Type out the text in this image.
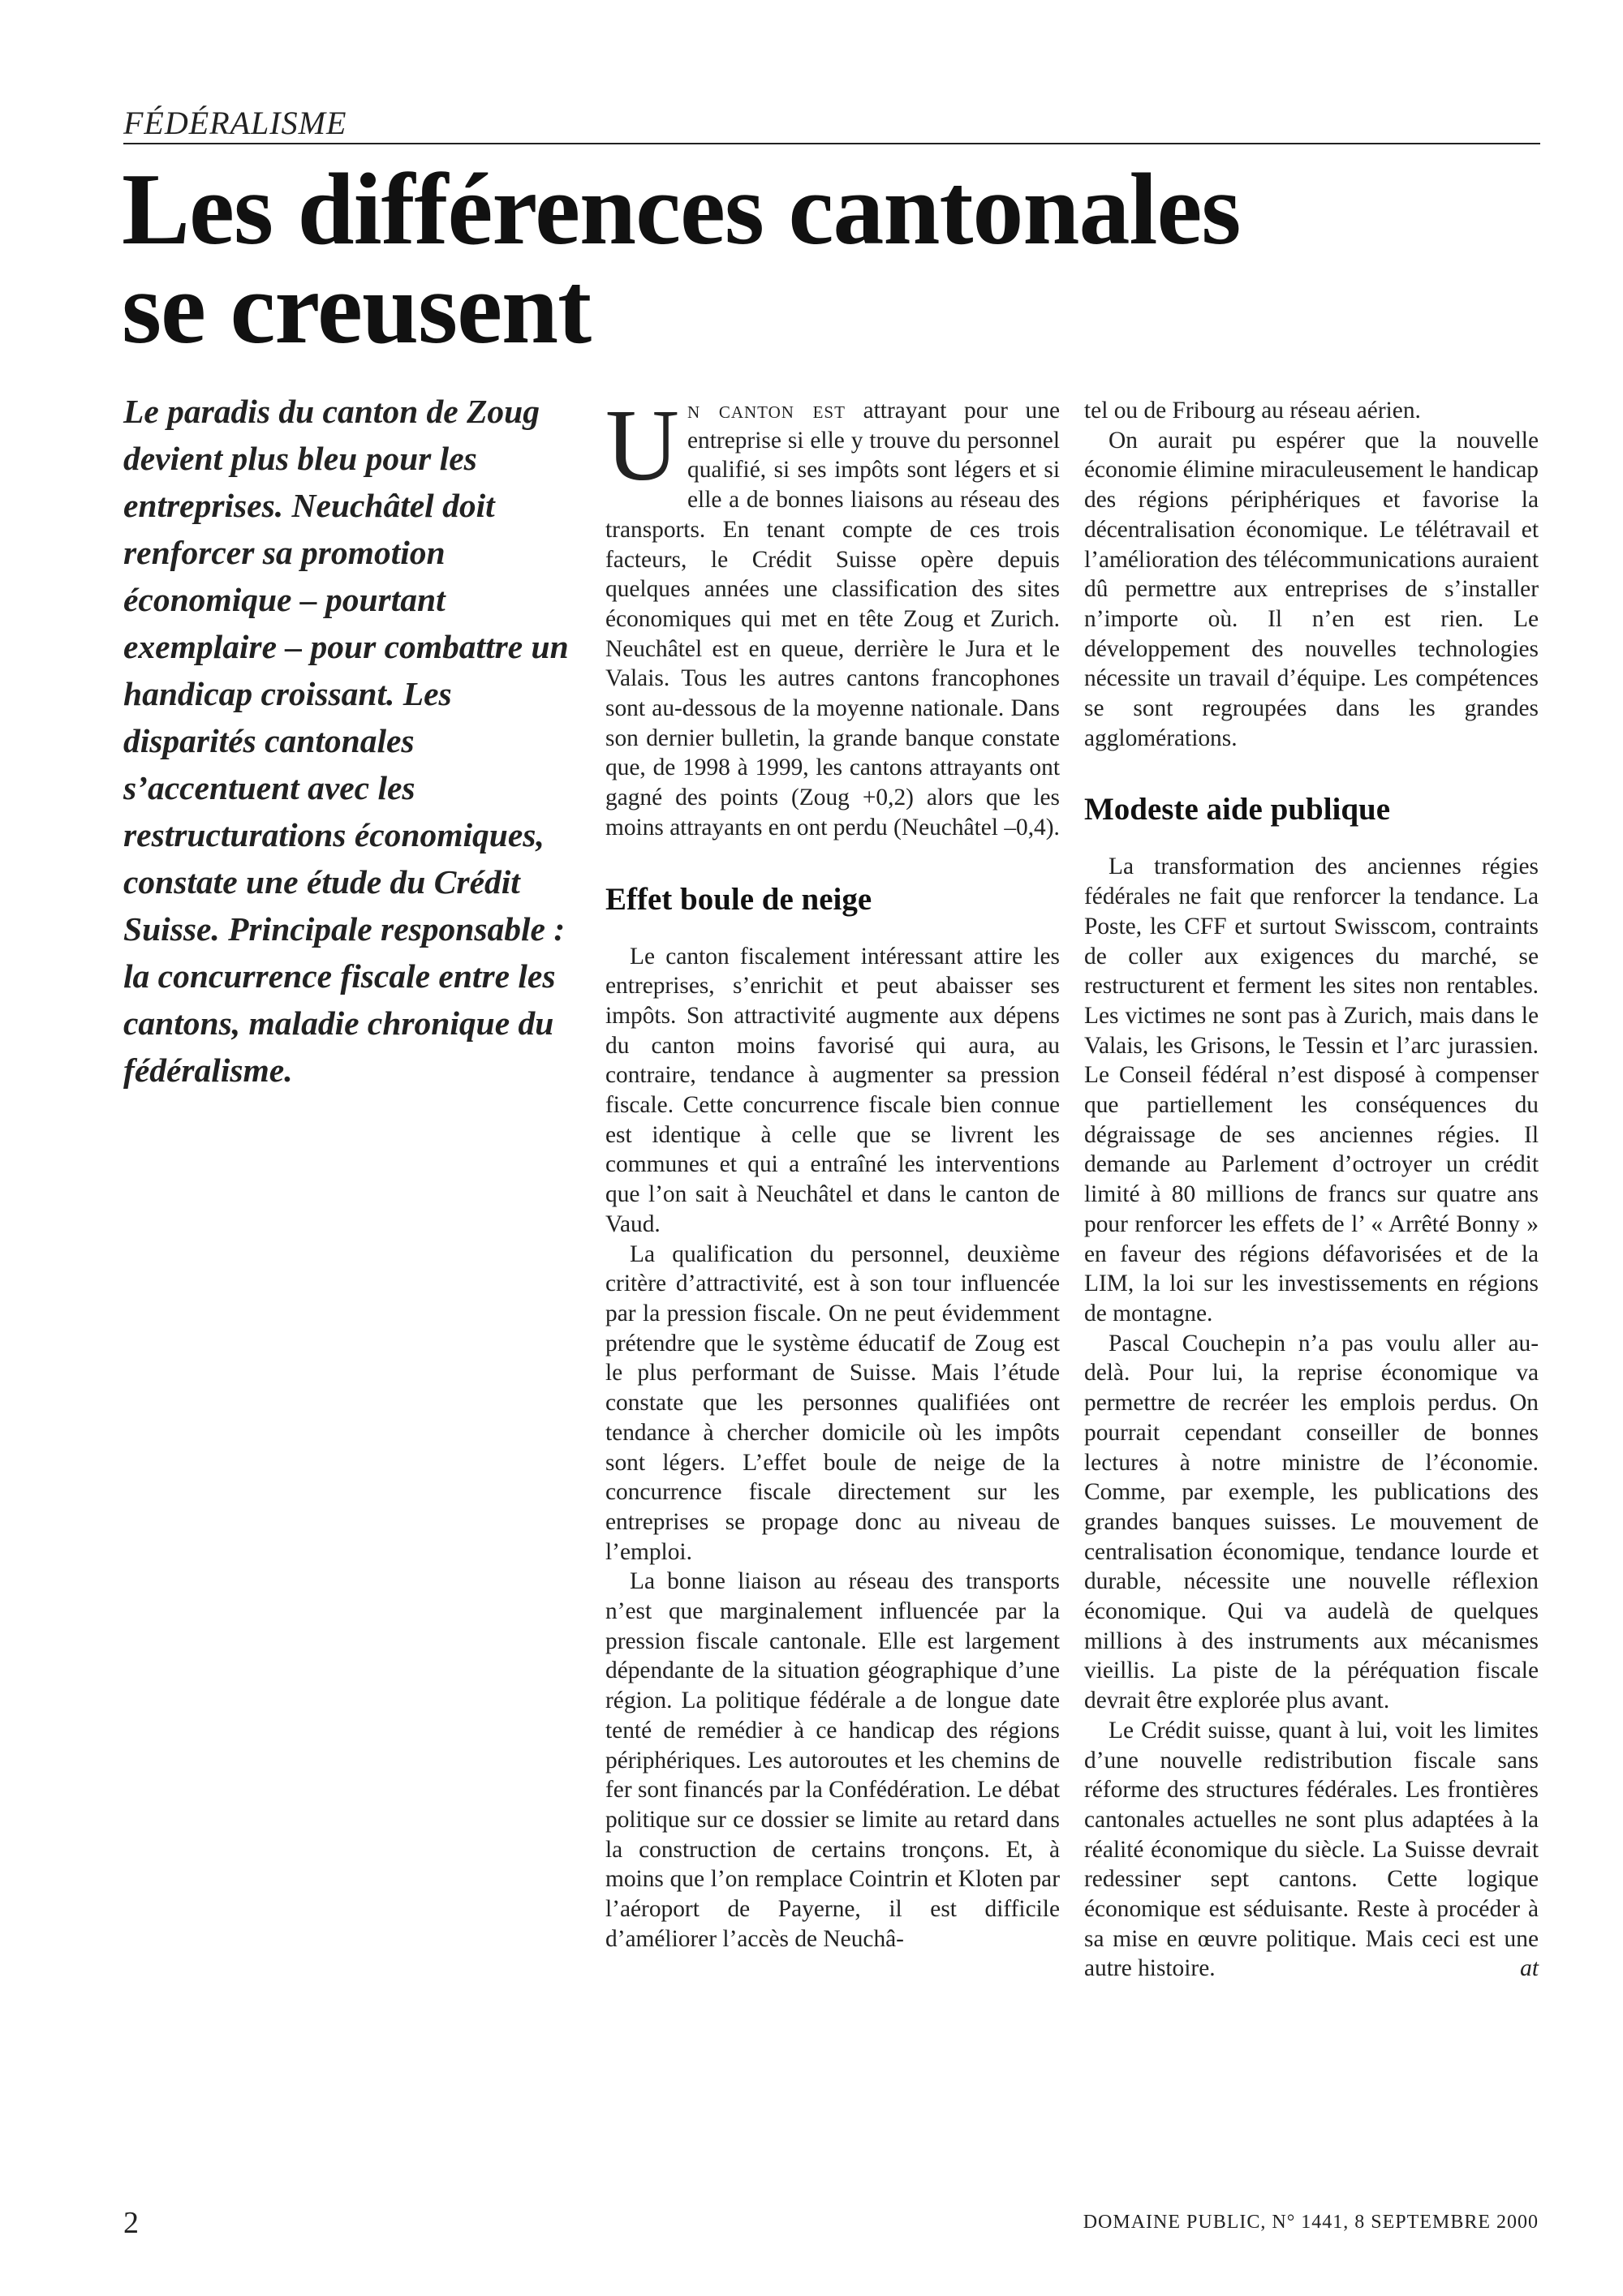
FÉDÉRALISME
Les différences cantonales
se creusent

Le paradis du canton de Zoug devient plus bleu pour les entreprises. Neuchâtel doit renforcer sa promotion économique – pourtant exemplaire – pour combattre un handicap croissant. Les disparités cantonales s’accentuent avec les restructurations économiques, constate une étude du Crédit Suisse. Principale responsable : la concurrence fiscale entre les cantons, maladie chronique du fédéralisme.

Un canton est attrayant pour une entreprise si elle y trouve du personnel qualifié, si ses impôts sont légers et si elle a de bonnes liaisons au réseau des transports. En tenant compte de ces trois facteurs, le Crédit Suisse opère depuis quelques années une classification des sites économiques qui met en tête Zoug et Zurich. Neuchâtel est en queue, derrière le Jura et le Valais. Tous les autres cantons francophones sont au-dessous de la moyenne nationale. Dans son dernier bulletin, la grande banque constate que, de 1998 à 1999, les cantons attrayants ont gagné des points (Zoug +0,2) alors que les moins attrayants en ont perdu (Neuchâtel –0,4).

Effet boule de neige

Le canton fiscalement intéressant attire les entreprises, s’enrichit et peut abaisser ses impôts. Son attractivité augmente aux dépens du canton moins favorisé qui aura, au contraire, tendance à augmenter sa pression fiscale. Cette concurrence fiscale bien connue est identique à celle que se livrent les communes et qui a entraîné les interventions que l’on sait à Neuchâtel et dans le canton de Vaud.

La qualification du personnel, deuxième critère d’attractivité, est à son tour influencée par la pression fiscale. On ne peut évidemment prétendre que le système éducatif de Zoug est le plus performant de Suisse. Mais l’étude constate que les personnes qualifiées ont tendance à chercher domicile où les impôts sont légers. L’effet boule de neige de la concurrence fiscale directement sur les entreprises se propage donc au niveau de l’emploi.

La bonne liaison au réseau des transports n’est que marginalement influencée par la pression fiscale cantonale. Elle est largement dépendante de la situation géographique d’une région. La politique fédérale a de longue date tenté de remédier à ce handicap des régions périphériques. Les autoroutes et les chemins de fer sont financés par la Confédération. Le débat politique sur ce dossier se limite au retard dans la construction de certains tronçons. Et, à moins que l’on remplace Cointrin et Kloten par l’aéroport de Payerne, il est difficile d’améliorer l’accès de Neuchâ-

tel ou de Fribourg au réseau aérien.

On aurait pu espérer que la nouvelle économie élimine miraculeusement le handicap des régions périphériques et favorise la décentralisation économique. Le télétravail et l’amélioration des télécommunications auraient dû permettre aux entreprises de s’installer n’importe où. Il n’en est rien. Le développement des nouvelles technologies nécessite un travail d’équipe. Les compétences se sont regroupées dans les grandes agglomérations.

Modeste aide publique

La transformation des anciennes régies fédérales ne fait que renforcer la tendance. La Poste, les CFF et surtout Swisscom, contraints de coller aux exigences du marché, se restructurent et ferment les sites non rentables. Les victimes ne sont pas à Zurich, mais dans le Valais, les Grisons, le Tessin et l’arc jurassien. Le Conseil fédéral n’est disposé à compenser que partiellement les conséquences du dégraissage de ses anciennes régies. Il demande au Parlement d’octroyer un crédit limité à 80 millions de francs sur quatre ans pour renforcer les effets de l’ « Arrêté Bonny » en faveur des régions défavorisées et de la LIM, la loi sur les investissements en régions de montagne.

Pascal Couchepin n’a pas voulu aller au-delà. Pour lui, la reprise économique va permettre de recréer les emplois perdus. On pourrait cependant conseiller de bonnes lectures à notre ministre de l’économie. Comme, par exemple, les publications des grandes banques suisses. Le mouvement de centralisation économique, tendance lourde et durable, nécessite une nouvelle réflexion économique. Qui va audelà de quelques millions à des instruments aux mécanismes vieillis. La piste de la péréquation fiscale devrait être explorée plus avant.

Le Crédit suisse, quant à lui, voit les limites d’une nouvelle redistribution fiscale sans réforme des structures fédérales. Les frontières cantonales actuelles ne sont plus adaptées à la réalité économique du siècle. La Suisse devrait redessiner sept cantons. Cette logique économique est séduisante. Reste à procéder à sa mise en œuvre politique. Mais ceci est une autre histoire.	at

2	DOMAINE PUBLIC, N° 1441, 8 SEPTEMBRE 2000
